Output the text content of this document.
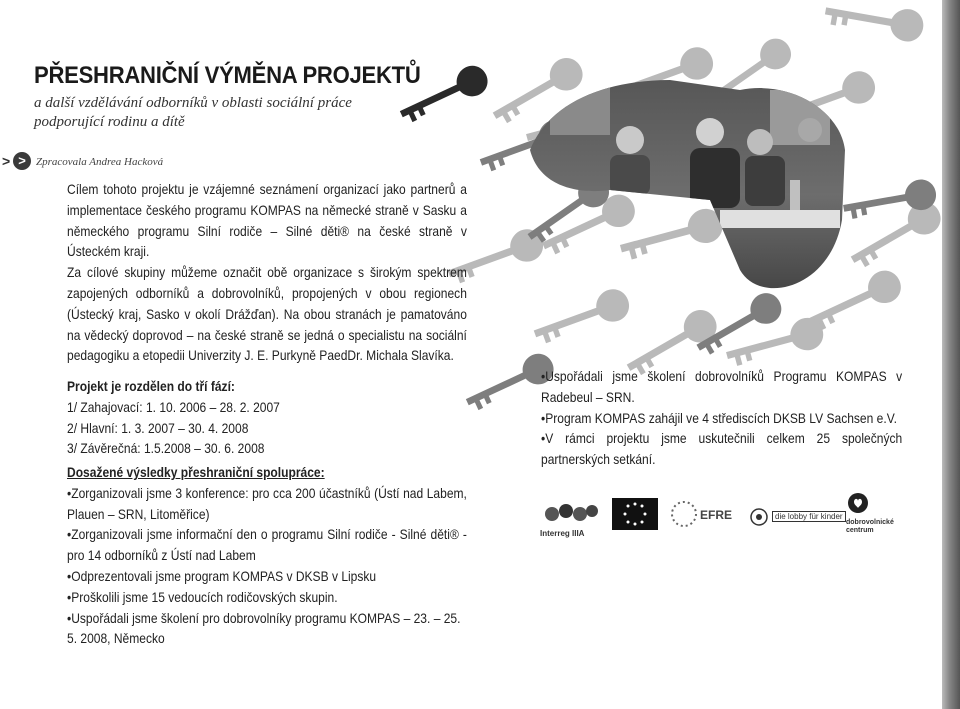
PŘESHRANIČNÍ VÝMĚNA PROJEKTŮ
a další vzdělávání odborníků v oblasti sociální práce podporující rodinu a dítě
> > Zpracovala Andrea Hacková

Cílem tohoto projektu je vzájemné seznámení organizací jako partnerů a implementace českého programu KOMPAS na německé straně v Sasku a německého programu Silní rodiče – Silné děti® na české straně v Ústeckém kraji.

Za cílové skupiny můžeme označit obě organizace s širokým spektrem zapojených odborníků a dobrovolníků, propojených v obou regionech (Ústecký kraj, Sasko v okolí Drážďan). Na obou stranách je pamatováno na vědecký doprovod – na české straně se jedná o specialistu na sociální pedagogiku a etopedii Univerzity J. E. Purkyně PaedDr. Michala Slavíka.

Projekt je rozdělen do tří fází:

1/ Zahajovací: 1. 10. 2006 – 28. 2. 2007

2/ Hlavní: 1. 3. 2007 – 30. 4. 2008

3/ Závěrečná: 1.5.2008 – 30. 6. 2008

Dosažené výsledky přeshraniční spolupráce:

•Zorganizovali jsme 3 konference: pro cca 200 účastníků (Ústí nad Labem, Plauen – SRN, Litoměřice)

•Zorganizovali jsme informační den o programu Silní rodiče - Silné děti® - pro 14 odborníků z Ústí nad Labem

•Odprezentovali jsme program KOMPAS v DKSB v Lipsku

•Proškolili jsme 15 vedoucích rodičovských skupin.

•Uspořádali jsme školení pro dobrovolníky programu KOMPAS – 23. – 25. 5. 2008, Německo

•Uspořádali jsme školení dobrovolníků Programu KOMPAS v Radebeul – SRN.

•Program KOMPAS zahájil ve 4 střediscích DKSB LV Sachsen e.V.

•V rámci projektu jsme uskutečnili celkem 25 společných partnerských setkání.

Interreg IIIA
EFRE	die lobby für kinder
dobrovolnické
centrum
